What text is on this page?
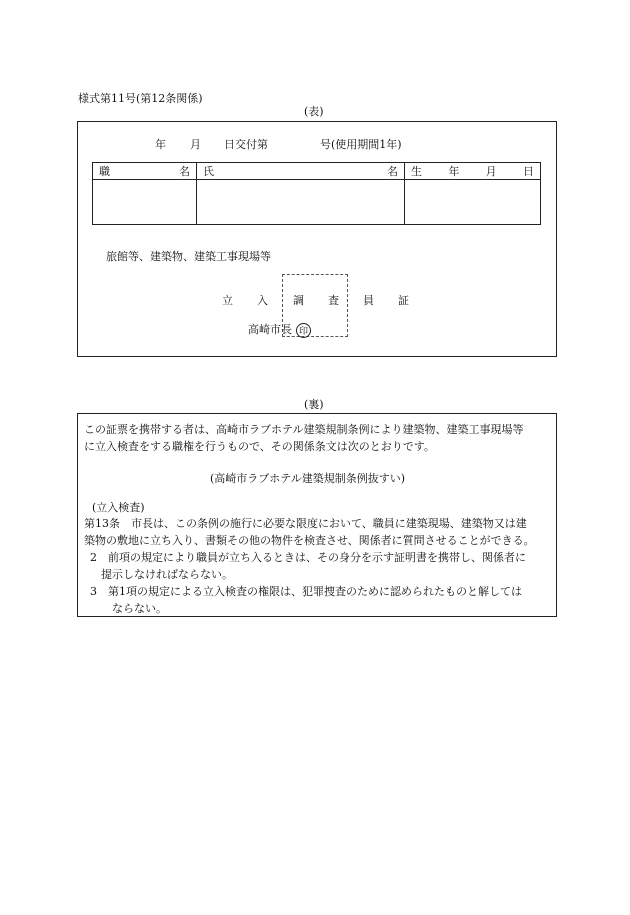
様式第11号(第12条関係)
(表)
年 月 日交付第	号(使用期間1年)
職 名	氏 名	生 年 月 日

旅館等、建築物、建築工事現場等
立 入 調 査 員 証
高崎市長 印
(裏)

この証票を携帯する者は、高崎市ラブホテル建築規制条例により建築物、建築工事現場等

に立入検査をする職権を行うもので、その関係条文は次のとおりです。

(高崎市ラブホテル建築規制条例抜すい)
(立入検査)

第13条　市長は、この条例の施行に必要な限度において、職員に建築現場、建築物又は建

築物の敷地に立ち入り、書類その他の物件を検査させ、関係者に質問させることができる。

2　前項の規定により職員が立ち入るときは、その身分を示す証明書を携帯し、関係者に

提示しなければならない。

3　第1項の規定による立入検査の権限は、犯罪捜査のために認められたものと解しては

ならない。
